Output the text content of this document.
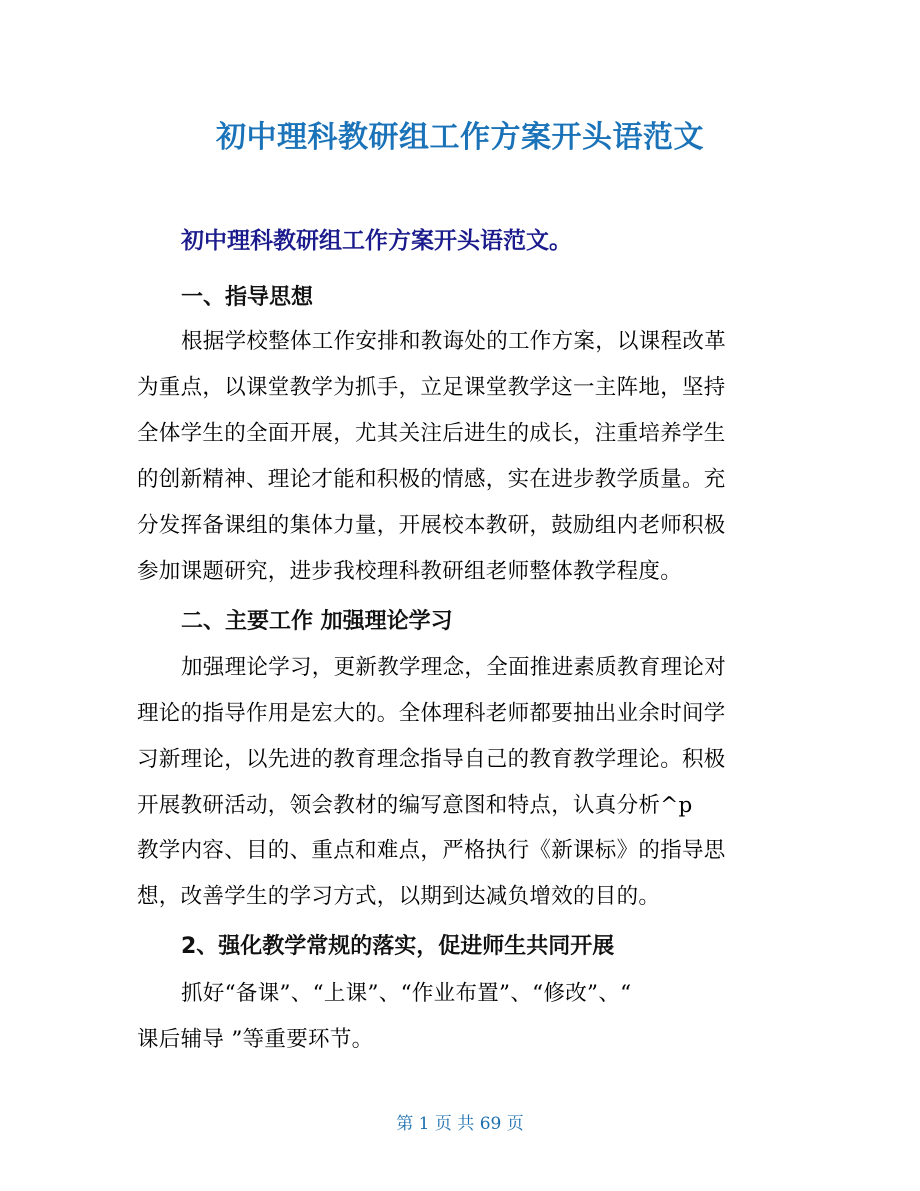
初中理科教研组工作方案开头语范文
初中理科教研组工作方案开头语范文。
一、指导思想
根据学校整体工作安排和教诲处的工作方案，以课程改革
为重点，以课堂教学为抓手，立足课堂教学这一主阵地，坚持
全体学生的全面开展，尤其关注后进生的成长，注重培养学生
的创新精神、理论才能和积极的情感，实在进步教学质量。充
分发挥备课组的集体力量，开展校本教研，鼓励组内老师积极
参加课题研究，进步我校理科教研组老师整体教学程度。
二、主要工作 加强理论学习
加强理论学习，更新教学理念，全面推进素质教育理论对
理论的指导作用是宏大的。全体理科老师都要抽出业余时间学
习新理论，以先进的教育理念指导自己的教育教学理论。积极
开展教研活动，领会教材的编写意图和特点，认真分析^p
教学内容、目的、重点和难点，严格执行《新课标》的指导思
想，改善学生的学习方式，以期到达减负增效的目的。
2、强化教学常规的落实，促进师生共同开展
抓好“备课”、“上课”、“作业布置”、“修改”、“
课后辅导 ”等重要环节。
第 1 页 共 69 页
